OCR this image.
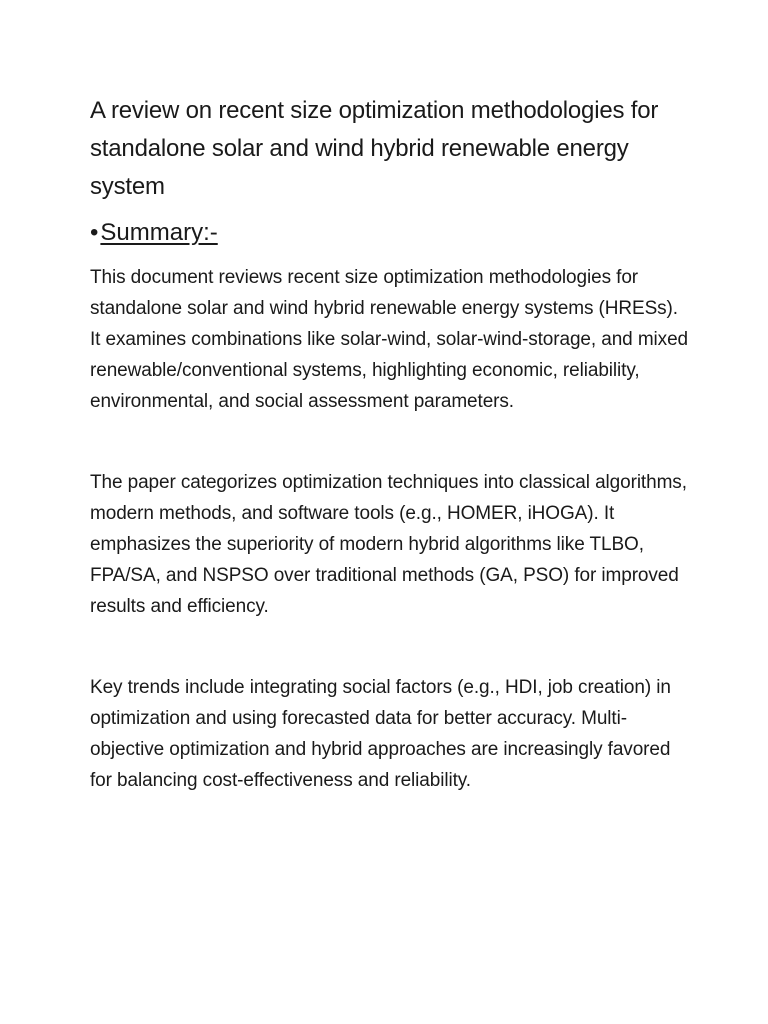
A review on recent size optimization methodologies for standalone solar and wind hybrid renewable energy system
• Summary:-

This document reviews recent size optimization methodologies for standalone solar and wind hybrid renewable energy systems (HRESs). It examines combinations like solar-wind, solar-wind-storage, and mixed renewable/conventional systems, highlighting economic, reliability, environmental, and social assessment parameters.

The paper categorizes optimization techniques into classical algorithms, modern methods, and software tools (e.g., HOMER, iHOGA). It emphasizes the superiority of modern hybrid algorithms like TLBO, FPA/SA, and NSPSO over traditional methods (GA, PSO) for improved results and efficiency.

Key trends include integrating social factors (e.g., HDI, job creation) in optimization and using forecasted data for better accuracy. Multi-objective optimization and hybrid approaches are increasingly favored for balancing cost-effectiveness and reliability.
